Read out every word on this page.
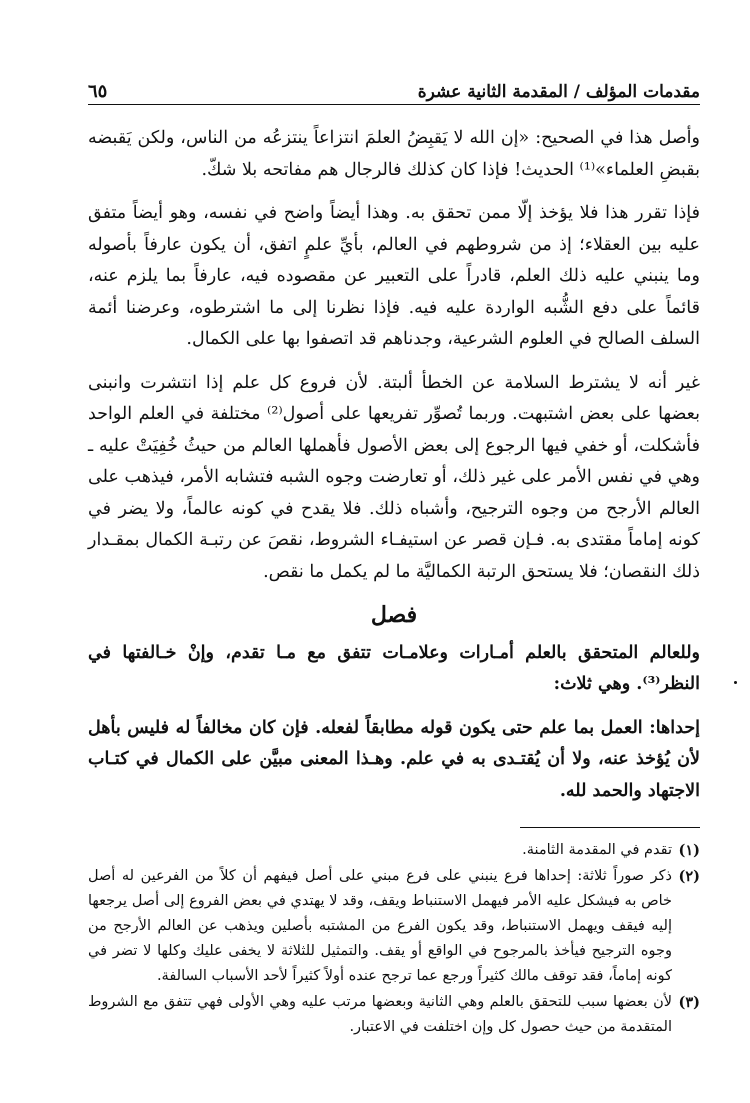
مقدمات المؤلف / المقدمة الثانية عشرة
٦٥

وأصل هذا في الصحيح: «إن الله لا يَقبِضُ العلمَ انتزاعاً ينتزعُه من الناس، ولكن يَقبضه بقبضِ العلماء»⁽¹⁾ الحديث! فإذا كان كذلك فالرجال هم مفاتحه بلا شكّ.

فإذا تقرر هذا فلا يؤخذ إلّا ممن تحقق به. وهذا أيضاً واضح في نفسه، وهو أيضاً متفق عليه بين العقلاء؛ إذ من شروطهم في العالم، بأيِّ علمٍ اتفق، أن يكون عارفاً بأصوله وما ينبني عليه ذلك العلم، قادراً على التعبير عن مقصوده فيه، عارفاً بما يلزم عنه، قائماً على دفع الشُّبه الواردة عليه فيه. فإذا نظرنا إلى ما اشترطوه، وعرضنا أئمة السلف الصالح في العلوم الشرعية، وجدناهم قد اتصفوا بها على الكمال.

غير أنه لا يشترط السلامة عن الخطأ ألبتة. لأن فروع كل علم إذا انتشرت وانبنى بعضها على بعض اشتبهت. وربما تُصوِّر تفريعها على أصول⁽²⁾ مختلفة في العلم الواحد فأشكلت، أو خفي فيها الرجوع إلى بعض الأصول فأهملها العالم من حيثُ خُفِيَتْ عليه ـ وهي في نفس الأمر على غير ذلك، أو تعارضت وجوه الشبه فتشابه الأمر، فيذهب على العالم الأرجح من وجوه الترجيح، وأشباه ذلك. فلا يقدح في كونه عالماً، ولا يضر في كونه إماماً مقتدى به. فـإن قصر عن استيفـاء الشروط، نقصَ عن رتبـة الكمال بمقـدار ذلك النقصان؛ فلا يستحق الرتبة الكماليَّة ما لم يكمل ما نقص.

فصل

وللعالم المتحقق بالعلم أمـارات وعلامـات تتفق مع مـا تقدم، وإنْ خـالفتها في النظر⁽³⁾. وهي ثلاث:

إحداها: العمل بما علم حتى يكون قوله مطابقاً لفعله. فإن كان مخالفاً له فليس بأهل لأن يُؤخذ عنه، ولا أن يُقتـدى به في علم. وهـذا المعنى مبيَّن على الكمال في كتـاب الاجتهاد والحمد لله.

(١)
تقدم في المقدمة الثامنة.
(٢)
ذكر صوراً ثلاثة: إحداها فرع ينبني على فرع مبني على أصل فيفهم أن كلاً من الفرعين له أصل خاص به فيشكل عليه الأمر فيهمل الاستنباط ويقف، وقد لا يهتدي في بعض الفروع إلى أصل يرجعها إليه فيقف ويهمل الاستنباط، وقد يكون الفرع من المشتبه بأصلين ويذهب عن العالم الأرجح من وجوه الترجيح فيأخذ بالمرجوح في الواقع أو يقف. والتمثيل للثلاثة لا يخفى عليك وكلها لا تضر في كونه إماماً، فقد توقف مالك كثيراً ورجع عما ترجح عنده أولاً كثيراً لأحد الأسباب السالفة.
(٣)
لأن بعضها سبب للتحقق بالعلم وهي الثانية وبعضها مرتب عليه وهي الأولى فهي تتفق مع الشروط المتقدمة من حيث حصول كل وإن اختلفت في الاعتبار.
